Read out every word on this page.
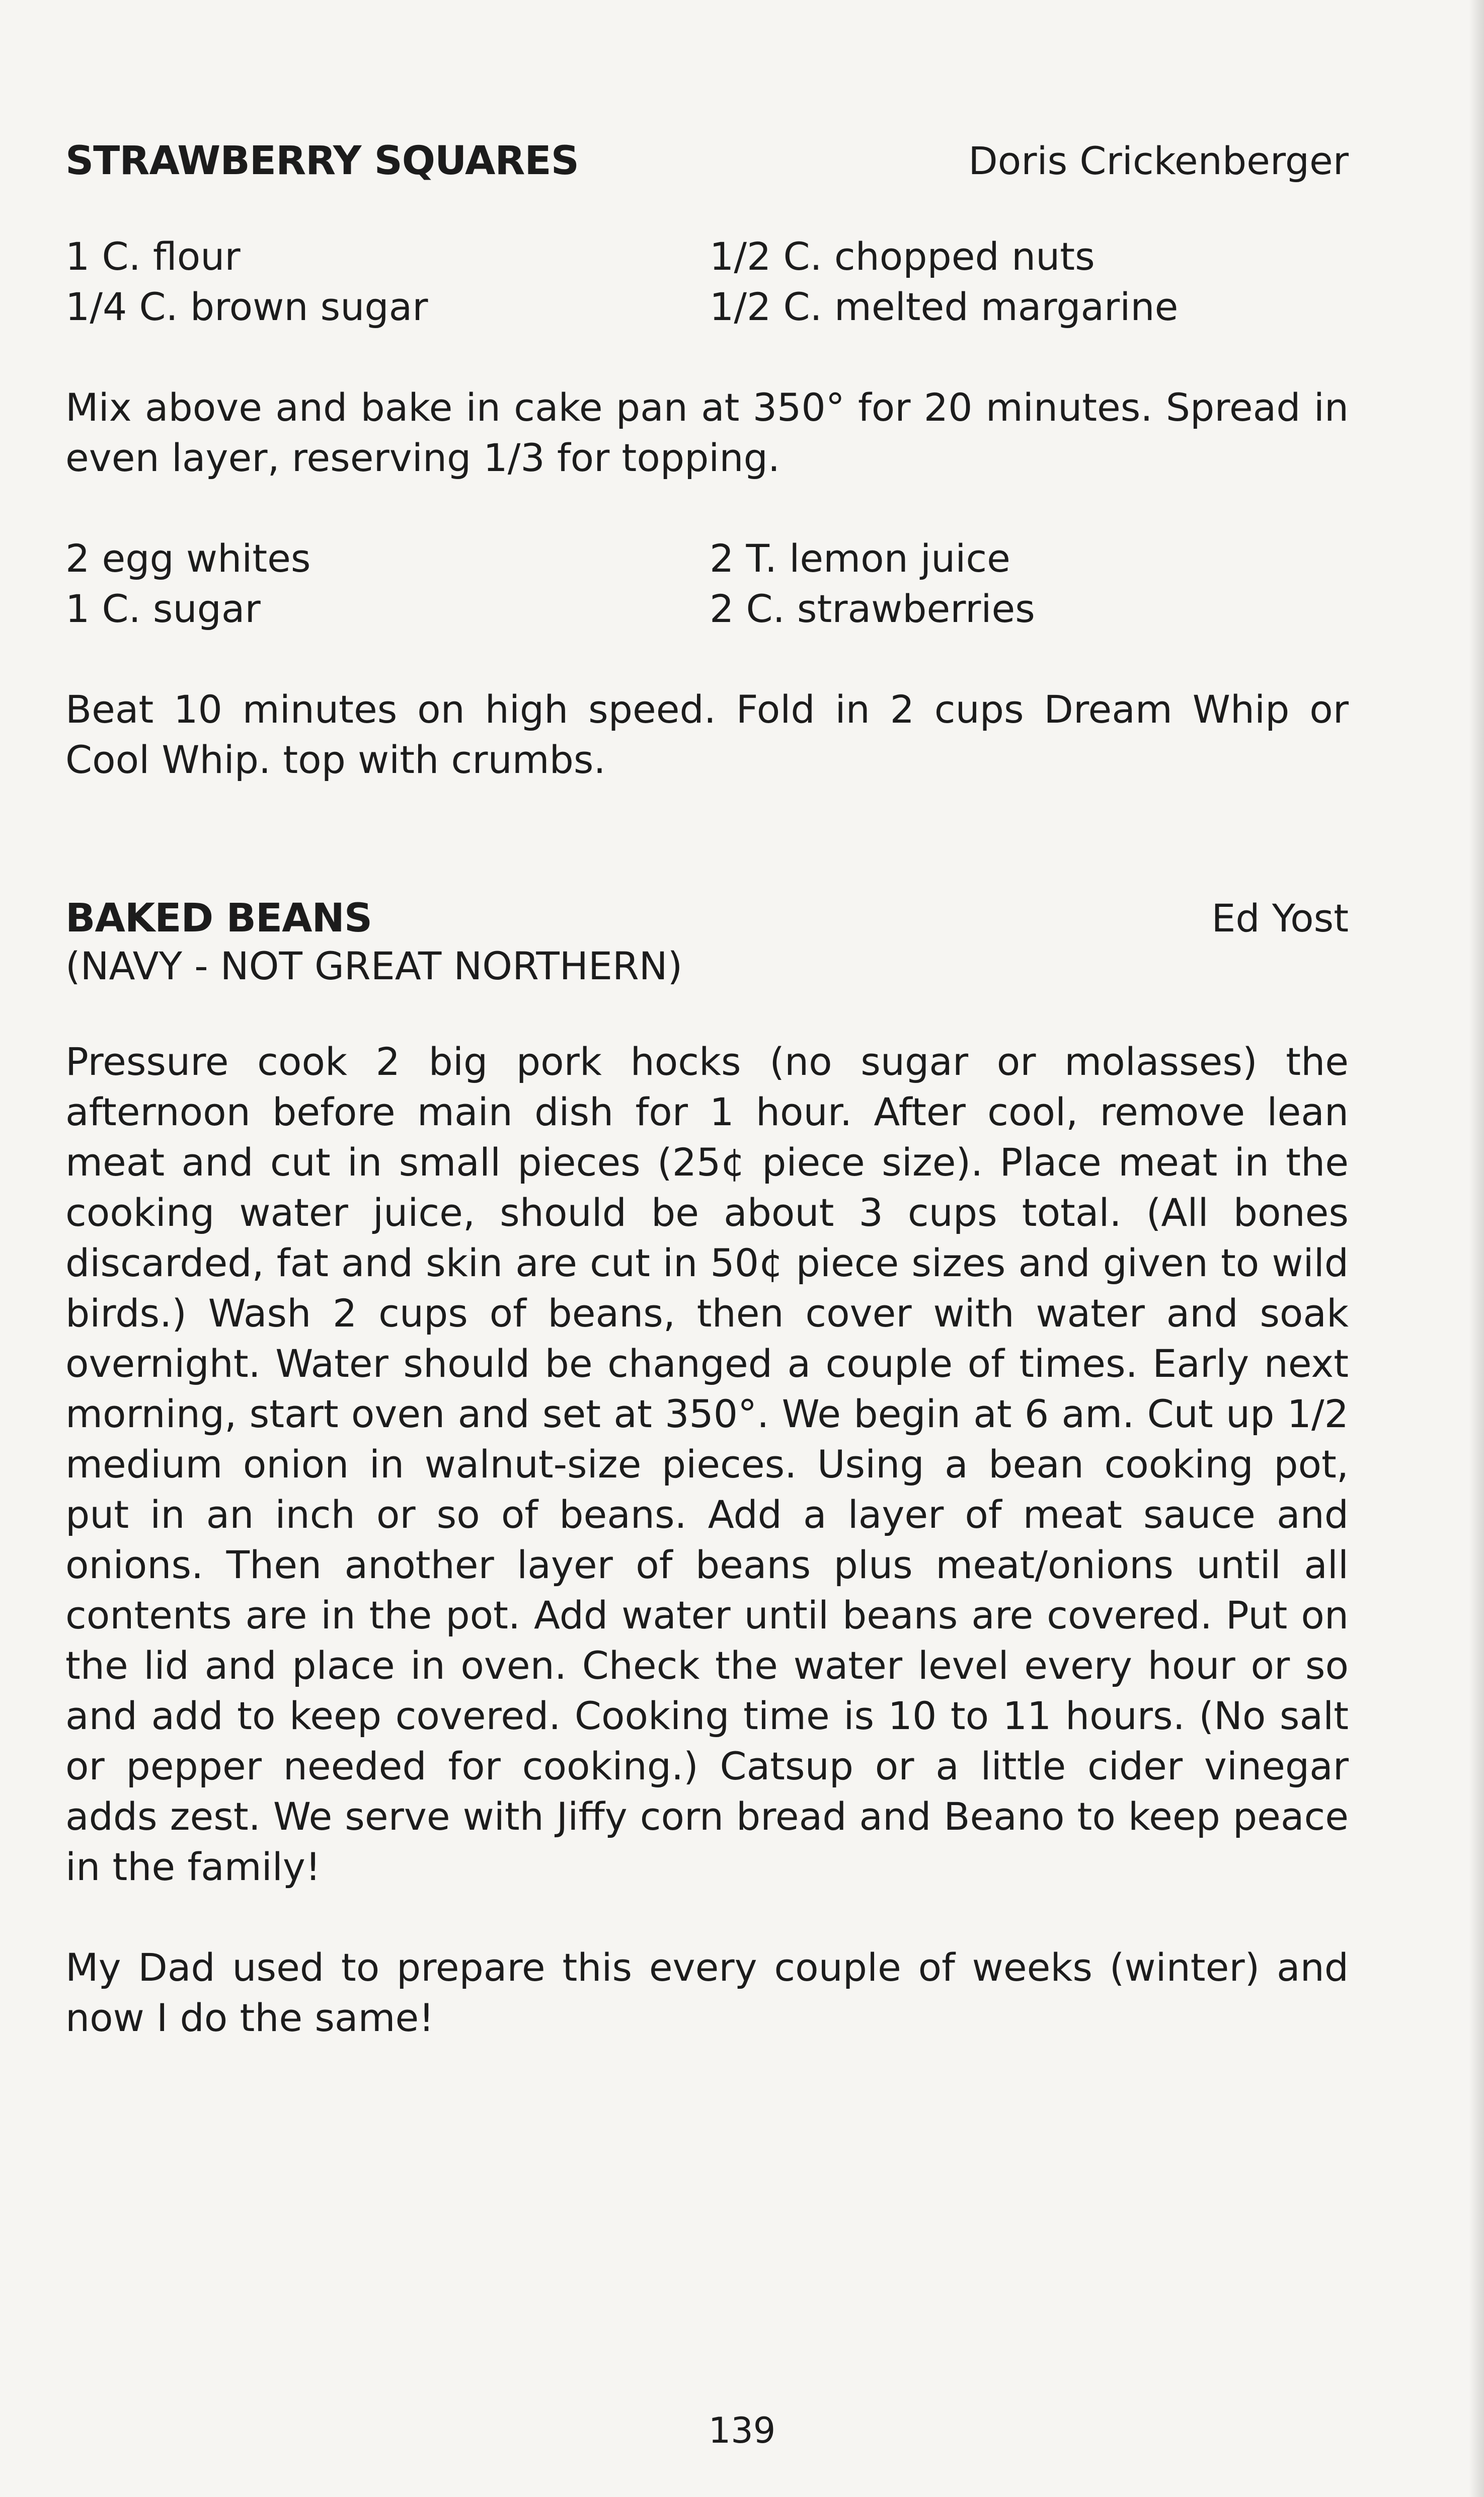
STRAWBERRY SQUARES	Doris Crickenberger
1 C. flour	1/2 C. chopped nuts
1/4 C. brown sugar	1/2 C. melted margarine

Mix above and bake in cake pan at 350° for 20 minutes. Spread in even layer, reserving 1/3 for topping.

2 egg whites	2 T. lemon juice
1 C. sugar	2 C. strawberries

Beat 10 minutes on high speed. Fold in 2 cups Dream Whip or Cool Whip. top with crumbs.

BAKED BEANS	Ed Yost
(NAVY - NOT GREAT NORTHERN)

Pressure cook 2 big pork hocks (no sugar or molasses) the afternoon before main dish for 1 hour. After cool, remove lean meat and cut in small pieces (25¢ piece size). Place meat in the cooking water juice, should be about 3 cups total. (All bones discarded, fat and skin are cut in 50¢ piece sizes and given to wild birds.) Wash 2 cups of beans, then cover with water and soak overnight. Water should be changed a couple of times. Early next morning, start oven and set at 350°. We begin at 6 am. Cut up 1/2 medium onion in walnut-size pieces. Using a bean cooking pot, put in an inch or so of beans. Add a layer of meat sauce and onions. Then another layer of beans plus meat/onions until all contents are in the pot. Add water until beans are covered. Put on the lid and place in oven. Check the water level every hour or so and add to keep covered. Cooking time is 10 to 11 hours. (No salt or pepper needed for cooking.) Catsup or a little cider vinegar adds zest. We serve with Jiffy corn bread and Beano to keep peace in the family!

My Dad used to prepare this every couple of weeks (winter) and now I do the same!

139
